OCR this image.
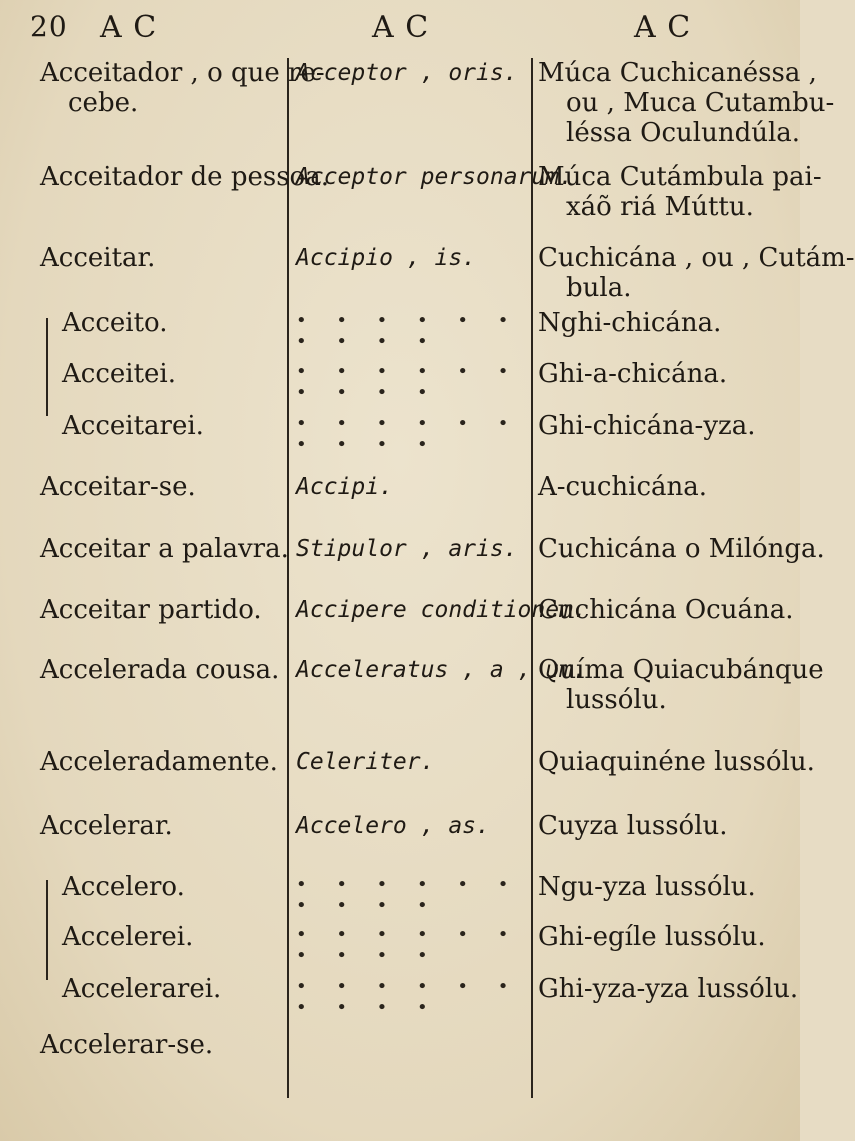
20 A C	A C	A C
Acceitador , o que re-
cebe.
Acceitador de pessoa.
Acceitar.
Acceito.
Acceitei.
Acceitarei.
Acceitar-se.
Acceitar a palavra.
Acceitar partido.
Accelerada cousa.
Acceleradamente.
Accelerar.
Accelero.
Accelerei.
Accelerarei.
Acceptor , oris.
Acceptor personarum.
Accipio , is.
• • • • • • • • • •
• • • • • • • • • •
• • • • • • • • • •
Accipi.
Stipulor , aris.
Accipere conditionem.
Acceleratus , a , um.
Celeriter.
Accelero , as.
• • • • • • • • • •
• • • • • • • • • •
• • • • • • • • • •
Múca Cuchicanéssa ,
ou , Muca Cutambu-
léssa Oculundúla.
Múca Cutámbula pai-
xáõ riá Múttu.
Cuchicána , ou , Cutám-
bula.
Nghi-chicána.
Ghi-a-chicána.
Ghi-chicána-yza.
A-cuchicána.
Cuchicána o Milónga.
Cuchicána Ocuána.
Químa Quiacubánque
lussólu.
Quiaquinéne lussólu.
Cuyza lussólu.
Ngu-yza lussólu.
Ghi-egíle lussólu.
Ghi-yza-yza lussólu.
Accelerar-se.
